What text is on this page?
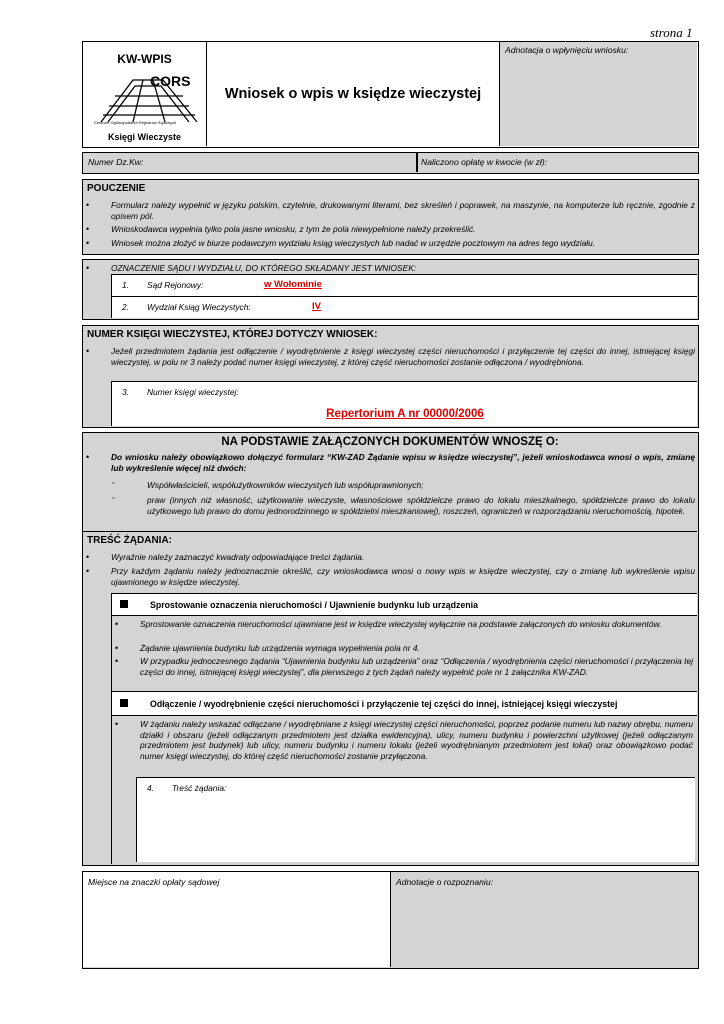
strona 1
KW-WPIS
CORS
Centrum Ogólnopolskich Rejestrów Sądowych
Księgi Wieczyste
Wniosek o wpis w księdze wieczystej
Adnotacja o wpłynięciu wniosku:
Numer Dz.Kw:	Naliczono opłatę w kwocie (w zł):
POUCZENIE
•	Formularz należy wypełnić w języku polskim, czytelnie, drukowanymi literami, bez skreśleń i poprawek, na maszynie, na komputerze lub ręcznie, zgodnie z opisem pól.
•	Wnioskodawca wypełnia tylko pola jasne wniosku, z tym że pola niewypełnione należy przekreślić.
•	Wniosek można złożyć w biurze podawczym wydziału ksiąg wieczystych lub nadać w urzędzie pocztowym na adres tego wydziału.
•	OZNACZENIE SĄDU I WYDZIAŁU, DO KTÓREGO SKŁADANY JEST WNIOSEK:
1. Sąd Rejonowy:	w Wołominie
2. Wydział Ksiąg Wieczystych:	IV
NUMER KSIĘGI WIECZYSTEJ, KTÓREJ DOTYCZY WNIOSEK:
•	Jeżeli przedmiotem żądania jest odłączenie / wyodrębnienie z księgi wieczystej części nieruchomości i przyłączenie tej części do innej, istniejącej księgi wieczystej, w polu nr 3 należy podać numer księgi wieczystej, z której część nieruchomości zostanie odłączona / wyodrębniona.
3. Numer księgi wieczystej:
Repertorium A nr 00000/2006
NA PODSTAWIE ZAŁĄCZONYCH DOKUMENTÓW WNOSZĘ O:
•	Do wniosku należy obowiązkowo dołączyć formularz “KW-ZAD Żądanie wpisu w księdze wieczystej”, jeżeli wnioskodawca wnosi o wpis, zmianę lub wykreślenie więcej niż dwóch:
▫	Współwłaścicieli, współużytkowników wieczystych lub współuprawnionych;
▫	praw (innych niż własność, użytkowanie wieczyste, własnościowe spółdzielcze prawo do lokalu mieszkalnego, spółdzielcze prawo do lokalu użytkowego lub prawo do domu jednorodzinnego w spółdzielni mieszkaniowej), roszczeń, ograniczeń w rozporządzaniu nieruchomością, hipotek.
TREŚĆ ŻĄDANIA:
•	Wyraźnie należy zaznaczyć kwadraty odpowiadające treści żądania.
•	Przy każdym żądaniu należy jednoznacznie określić, czy wnioskodawca wnosi o nowy wpis w księdze wieczystej, czy o zmianę lub wykreślenie wpisu ujawnionego w księdze wieczystej.
Sprostowanie oznaczenia nieruchomości / Ujawnienie budynku lub urządzenia
•	Sprostowanie oznaczenia nieruchomości ujawniane jest w księdze wieczystej wyłącznie na podstawie załączonych do wniosku dokumentów.
•	Żądanie ujawnienia budynku lub urządzenia wymaga wypełnienia pola nr 4.
•	W przypadku jednoczesnego żądania “Ujawnienia budynku lub urządzenia” oraz “Odłączenia / wyodrębnienia części nieruchomości i przyłączenia tej części do innej, istniejącej księgi wieczystej”, dla pierwszego z tych żądań należy wypełnić pole nr 1 załącznika KW-ZAD.
Odłączenie / wyodrębnienie części nieruchomości i przyłączenie tej części do innej, istniejącej księgi wieczystej
•	W żądaniu należy wskazać odłączane / wyodrębniane z księgi wieczystej części nieruchomości, poprzez podanie numeru lub nazwy obrębu, numeru działki i obszaru (jeżeli odłączanym przedmiotem jest działka ewidencyjna), ulicy, numeru budynku i powierzchni użytkowej (jeżeli odłączanym przedmiotem jest budynek) lub ulicy, numeru budynku i numeru lokalu (jeżeli wyodrębnianym przedmiotem jest lokal) oraz obowiązkowo podać numer księgi wieczystej, do której część nieruchomości zostanie przyłączona.
4. Treść żądania:
Miejsce na znaczki opłaty sądowej	Adnotacje o rozpoznaniu:
